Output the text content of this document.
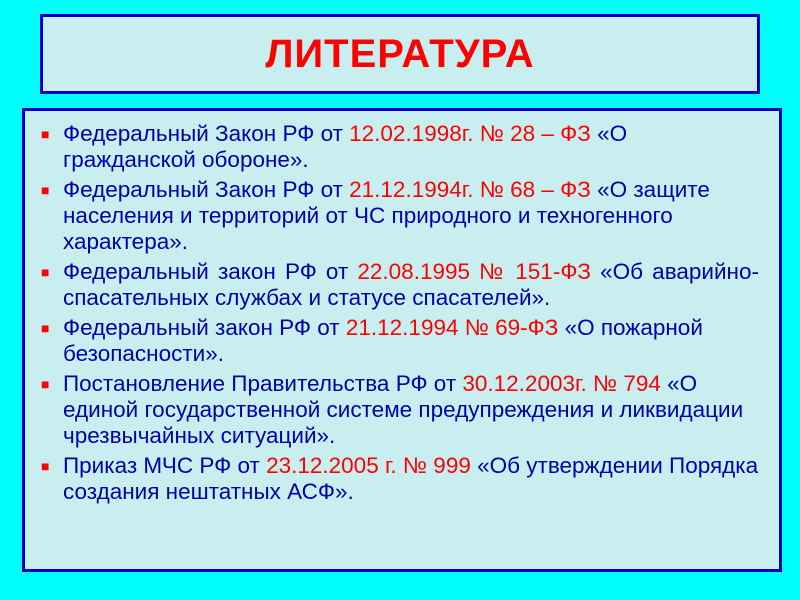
ЛИТЕРАТУРА
■ Федеральный Закон РФ от 12.02.1998г. № 28 – ФЗ «О гражданской обороне».
■ Федеральный Закон РФ от 21.12.1994г. № 68 – ФЗ «О защите населения и территорий от ЧС природного и техногенного характера».
■ Федеральный закон РФ от 22.08.1995 № 151-ФЗ «Об аварийно-спасательных службах и статусе спасателей».
■ Федеральный закон РФ от 21.12.1994 № 69-ФЗ «О пожарной безопасности».
■ Постановление Правительства РФ от 30.12.2003г. № 794 «О единой государственной системе предупреждения и ликвидации чрезвычайных ситуаций».
■ Приказ МЧС РФ от 23.12.2005 г. № 999 «Об утверждении Порядка создания нештатных АСФ».
